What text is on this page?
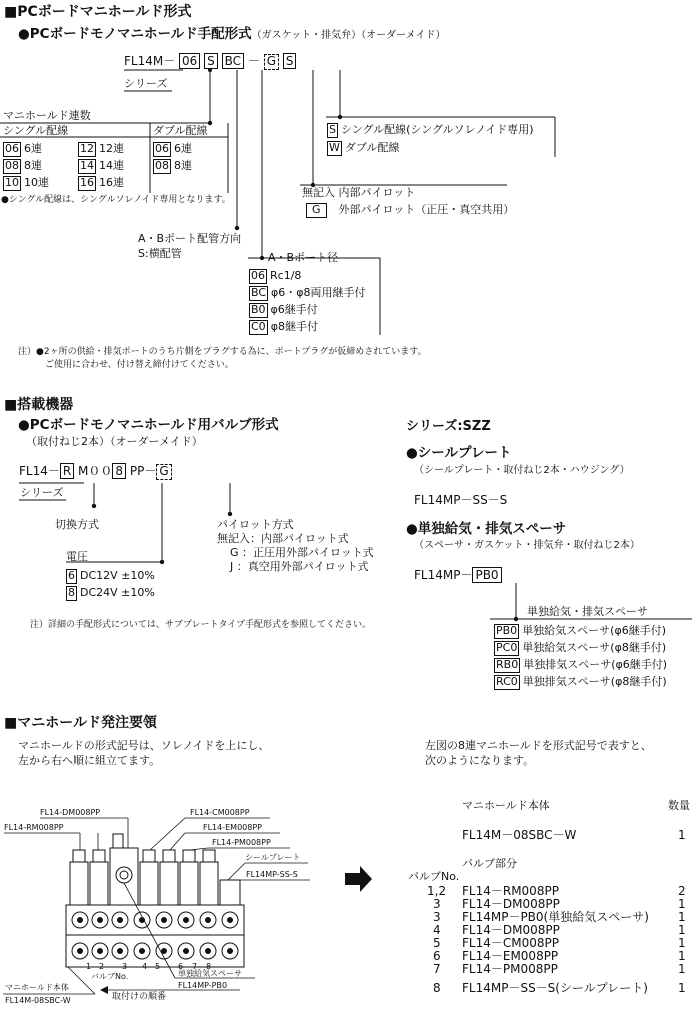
■PCボードマニホールド形式
●PCボードモノマニホールド手配形式（ガスケット・排気弁）（オーダーメイド）
FL14M－ 06 S BC － G S
シリーズ
マニホールド連数
シングル配線	ダブル配線
06 6連	12 12連
08 8連	14 14連
10 10連	16 16連
06 6連
08 8連
●シングル配線は、シングルソレノイド専用となります。
S シングル配線(シングルソレノイド専用)
W ダブル配線
無記入 内部パイロット
G 外部パイロット（正圧・真空共用）
A・Bポート配管方向
S:横配管	A・Bポート径
06 Rc1/8
BC φ6・φ8両用継手付
B0 φ6継手付
C0 φ8継手付
注）●2ヶ所の供給・排気ポートのうち片側をプラグする為に、ポートプラグが仮締めされています。
ご使用に合わせ、付け替え締付けてください。
■搭載機器
●PCボードモノマニホールド用バルブ形式
（取付ねじ2本）（オーダーメイド）
FL14－ R M００ 8 PP－ G
シリーズ
切換方式
電圧
6 DC12V ±10%
8 DC24V ±10%
パイロット方式
無記入：内部パイロット式
G ：正圧用外部パイロット式
J ：真空用外部パイロット式
注）詳細の手配形式については、サブプレートタイプ手配形式を参照してください。
シリーズ:SZZ
●シールプレート
（シールプレート・取付ねじ2本・ハウジング）
FL14MP－SS－S
●単独給気・排気スペーサ
（スペーサ・ガスケット・排気弁・取付ねじ2本）
FL14MP－ PB0
単独給気・排気スペーサ
PB0 単独給気スペーサ(φ6継手付)
PC0 単独給気スペーサ(φ8継手付)
RB0 単独排気スペーサ(φ6継手付)
RC0 単独排気スペーサ(φ8継手付)
■マニホールド発注要領
マニホールドの形式記号は、ソレノイドを上にし、
左から右へ順に組立てます。
左図の8連マニホールドを形式記号で表すと、
次のようになります。
FL14-DM008PP	FL14-CM008PP
FL14-RM008PP	FL14-EM008PP
FL14-PM008PP
シールプレート
FL14MP-SS-S
1 2 3 4 5 6 7 8
バルブNo.	単独給気スペーサ
FL14MP-PB0
マニホールド本体
FL14M-08SBC-W	取付けの順番
マニホールド本体	数量
FL14M－08SBC－W	1
バルブ部分
バルブNo.
1,2 FL14－RM008PP	2
3 FL14－DM008PP	1
3 FL14MP－PB0(単独給気スペーサ) 1
4 FL14－DM008PP	1
5 FL14－CM008PP	1
6 FL14－EM008PP	1
7 FL14－PM008PP	1
8 FL14MP－SS－S(シールプレート)	1
